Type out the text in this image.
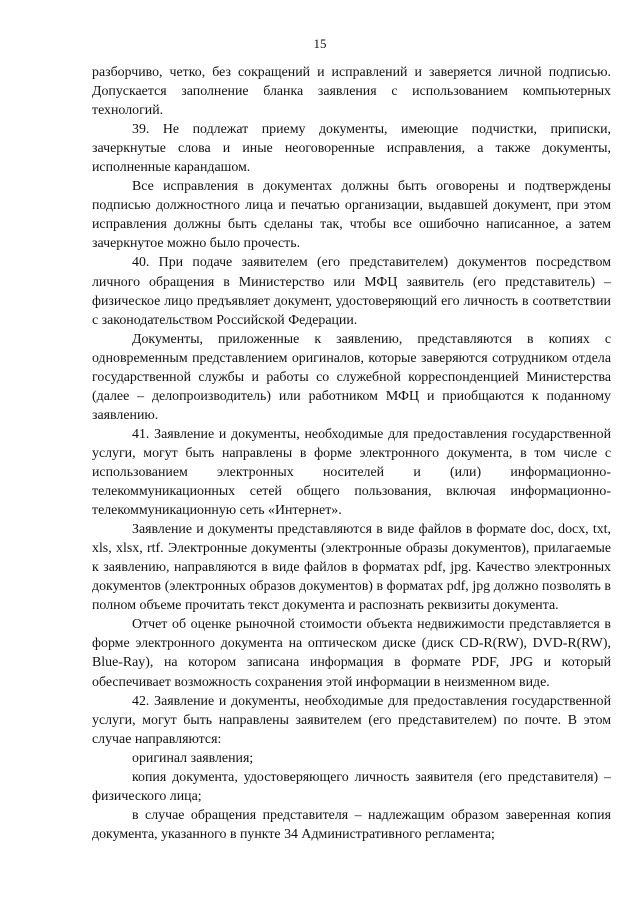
15

разборчиво, четко, без сокращений и исправлений и заверяется личной подписью. Допускается заполнение бланка заявления с использованием компьютерных технологий.

39. Не подлежат приему документы, имеющие подчистки, приписки, зачеркнутые слова и иные неоговоренные исправления, а также документы, исполненные карандашом.

Все исправления в документах должны быть оговорены и подтверждены подписью должностного лица и печатью организации, выдавшей документ, при этом исправления должны быть сделаны так, чтобы все ошибочно написанное, а затем зачеркнутое можно было прочесть.

40. При подаче заявителем (его представителем) документов посредством личного обращения в Министерство или МФЦ заявитель (его представитель) – физическое лицо предъявляет документ, удостоверяющий его личность в соответствии с законодательством Российской Федерации.

Документы, приложенные к заявлению, представляются в копиях с одновременным представлением оригиналов, которые заверяются сотрудником отдела государственной службы и работы со служебной корреспонденцией Министерства (далее – делопроизводитель) или работником МФЦ и приобщаются к поданному заявлению.

41. Заявление и документы, необходимые для предоставления государственной услуги, могут быть направлены в форме электронного документа, в том числе с использованием электронных носителей и (или) информационно-телекоммуникационных сетей общего пользования, включая информационно-телекоммуникационную сеть «Интернет».

Заявление и документы представляются в виде файлов в формате doc, docx, txt, xls, xlsx, rtf. Электронные документы (электронные образы документов), прилагаемые к заявлению, направляются в виде файлов в форматах pdf, jpg. Качество электронных документов (электронных образов документов) в форматах pdf, jpg должно позволять в полном объеме прочитать текст документа и распознать реквизиты документа.

Отчет об оценке рыночной стоимости объекта недвижимости представляется в форме электронного документа на оптическом диске (диск CD-R(RW), DVD-R(RW), Blue-Ray), на котором записана информация в формате PDF, JPG и который обеспечивает возможность сохранения этой информации в неизменном виде.

42. Заявление и документы, необходимые для предоставления государственной услуги, могут быть направлены заявителем (его представителем) по почте. В этом случае направляются:

оригинал заявления;

копия документа, удостоверяющего личность заявителя (его представителя) – физического лица;

в случае обращения представителя – надлежащим образом заверенная копия документа, указанного в пункте 34 Административного регламента;
